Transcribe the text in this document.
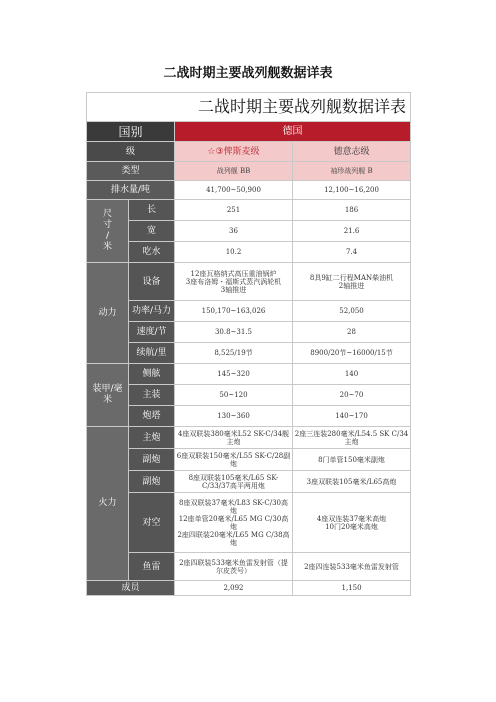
二战时期主要战列舰数据详表
二战时期主要战列舰数据详表			
国别		德国	
级		☆③俾斯麦级	德意志级
类型		战列舰 BB	袖珍战列舰 B
排水量/吨		41,700~50,900	12,100~16,200
尺
寸
/
米	长	251	186
	宽	36	21.6
	吃水	10.2	7.4
动力	设备	12座瓦格纳式高压重油锅炉
3座布洛姆・福斯式蒸汽涡轮机
3轴推进	8具9缸二行程MAN柴油机
2轴推进
	功率/马力	150,170~163,026	52,050
	速度/节	30.8~31.5	28
	续航/里	8,525/19节	8900/20节~16000/15节
装甲/毫
米	侧舷	145~320	140
	主装	50~120	20~70
	炮塔	130~360	140~170
火力	主炮	4座双联装380毫米L52 SK-C/34舰主炮	2座三连装280毫米/L54.5 SK C/34主炮
	副炮	6座双联装150毫米/L55 SK-C/28副炮	8门单管150毫米副炮
	副炮	8座双联装105毫米/L65 SK-C/33/37高平两用炮	3座双联装105毫米/L65高炮
	对空	8座双联装37毫米/L83 SK-C/30高炮
12座单管20毫米/L65 MG C/30高炮
2座四联装20毫米/L65 MG C/38高炮	4座双连装37毫米高炮
10门20毫米高炮
	鱼雷	2座四联装533毫米鱼雷发射管（提尔皮茨号）	2座四连装533毫米鱼雷发射管
成员		2,092	1,150
